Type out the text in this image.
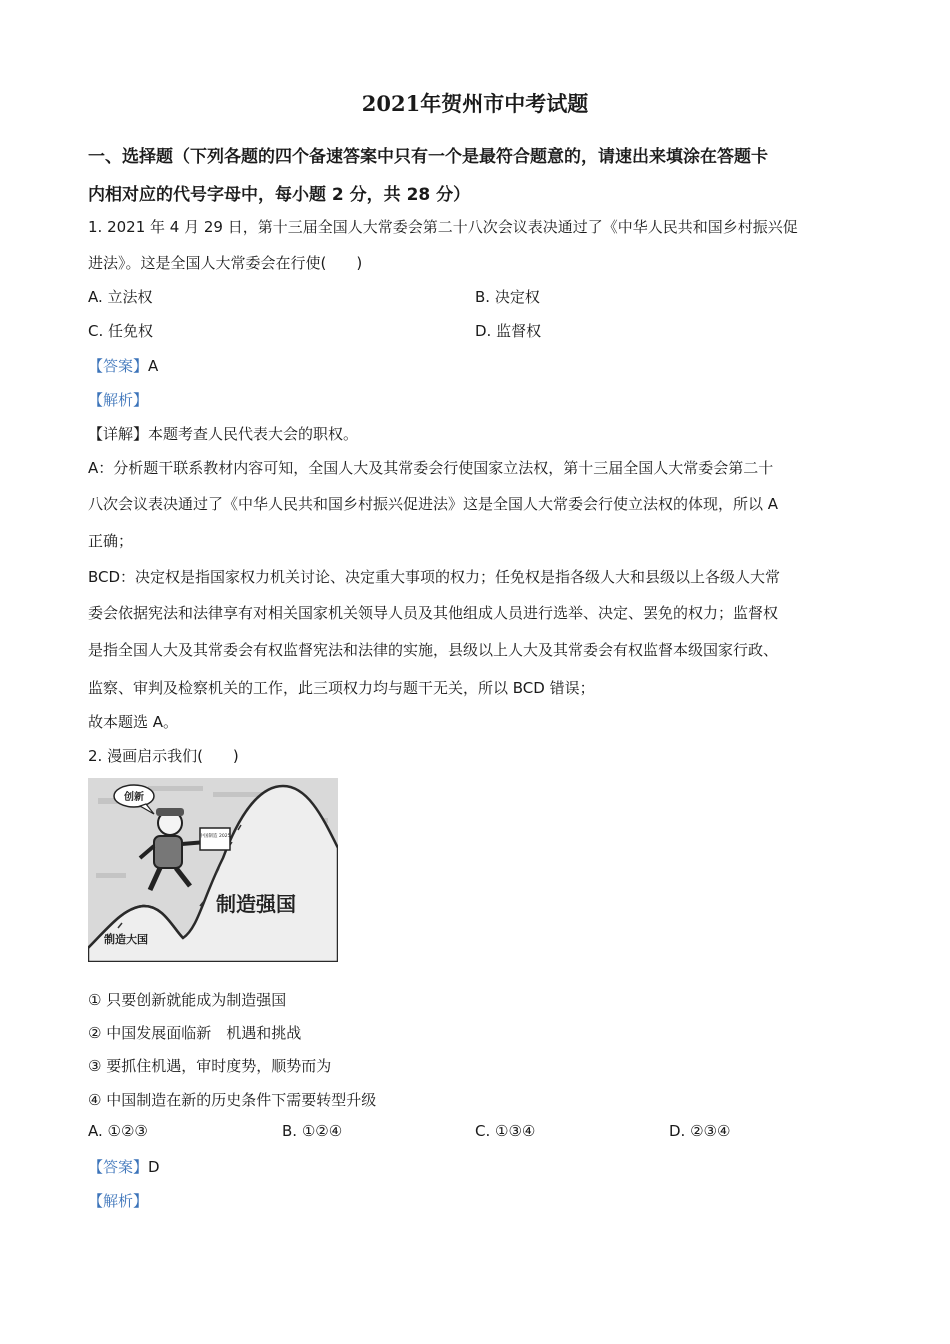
2021年贺州市中考试题
一、选择题（下列各题的四个备速答案中只有一个是最符合题意的，请速出来填涂在答题卡
内相对应的代号字母中，每小题 2 分，共 28 分）
1. 2021 年 4 月 29 日，第十三届全国人大常委会第二十八次会议表决通过了《中华人民共和国乡村振兴促
进法》。这是全国人大常委会在行使(　　)
A. 立法权	B. 决定权
C. 任免权	D. 监督权
【答案】A
【解析】
【详解】本题考查人民代表大会的职权。
A：分析题干联系教材内容可知，全国人大及其常委会行使国家立法权，第十三届全国人大常委会第二十
八次会议表决通过了《中华人民共和国乡村振兴促进法》这是全国人大常委会行使立法权的体现，所以 A
正确；
BCD：决定权是指国家权力机关讨论、决定重大事项的权力；任免权是指各级人大和县级以上各级人大常
委会依据宪法和法律享有对相关国家机关领导人员及其他组成人员进行选举、决定、罢免的权力；监督权
是指全国人大及其常委会有权监督宪法和法律的实施，县级以上人大及其常委会有权监督本级国家行政、
监察、审判及检察机关的工作，此三项权力均与题干无关，所以 BCD 错误；
故本题选 A。
2. 漫画启示我们(　　)
创新
中国制造 2025
制造强国
制造大国
① 只要创新就能成为制造强国
② 中国发展面临新　机遇和挑战
③ 要抓住机遇，审时度势，顺势而为
④ 中国制造在新的历史条件下需要转型升级
A. ①②③	B. ①②④	C. ①③④	D. ②③④
【答案】D
【解析】
